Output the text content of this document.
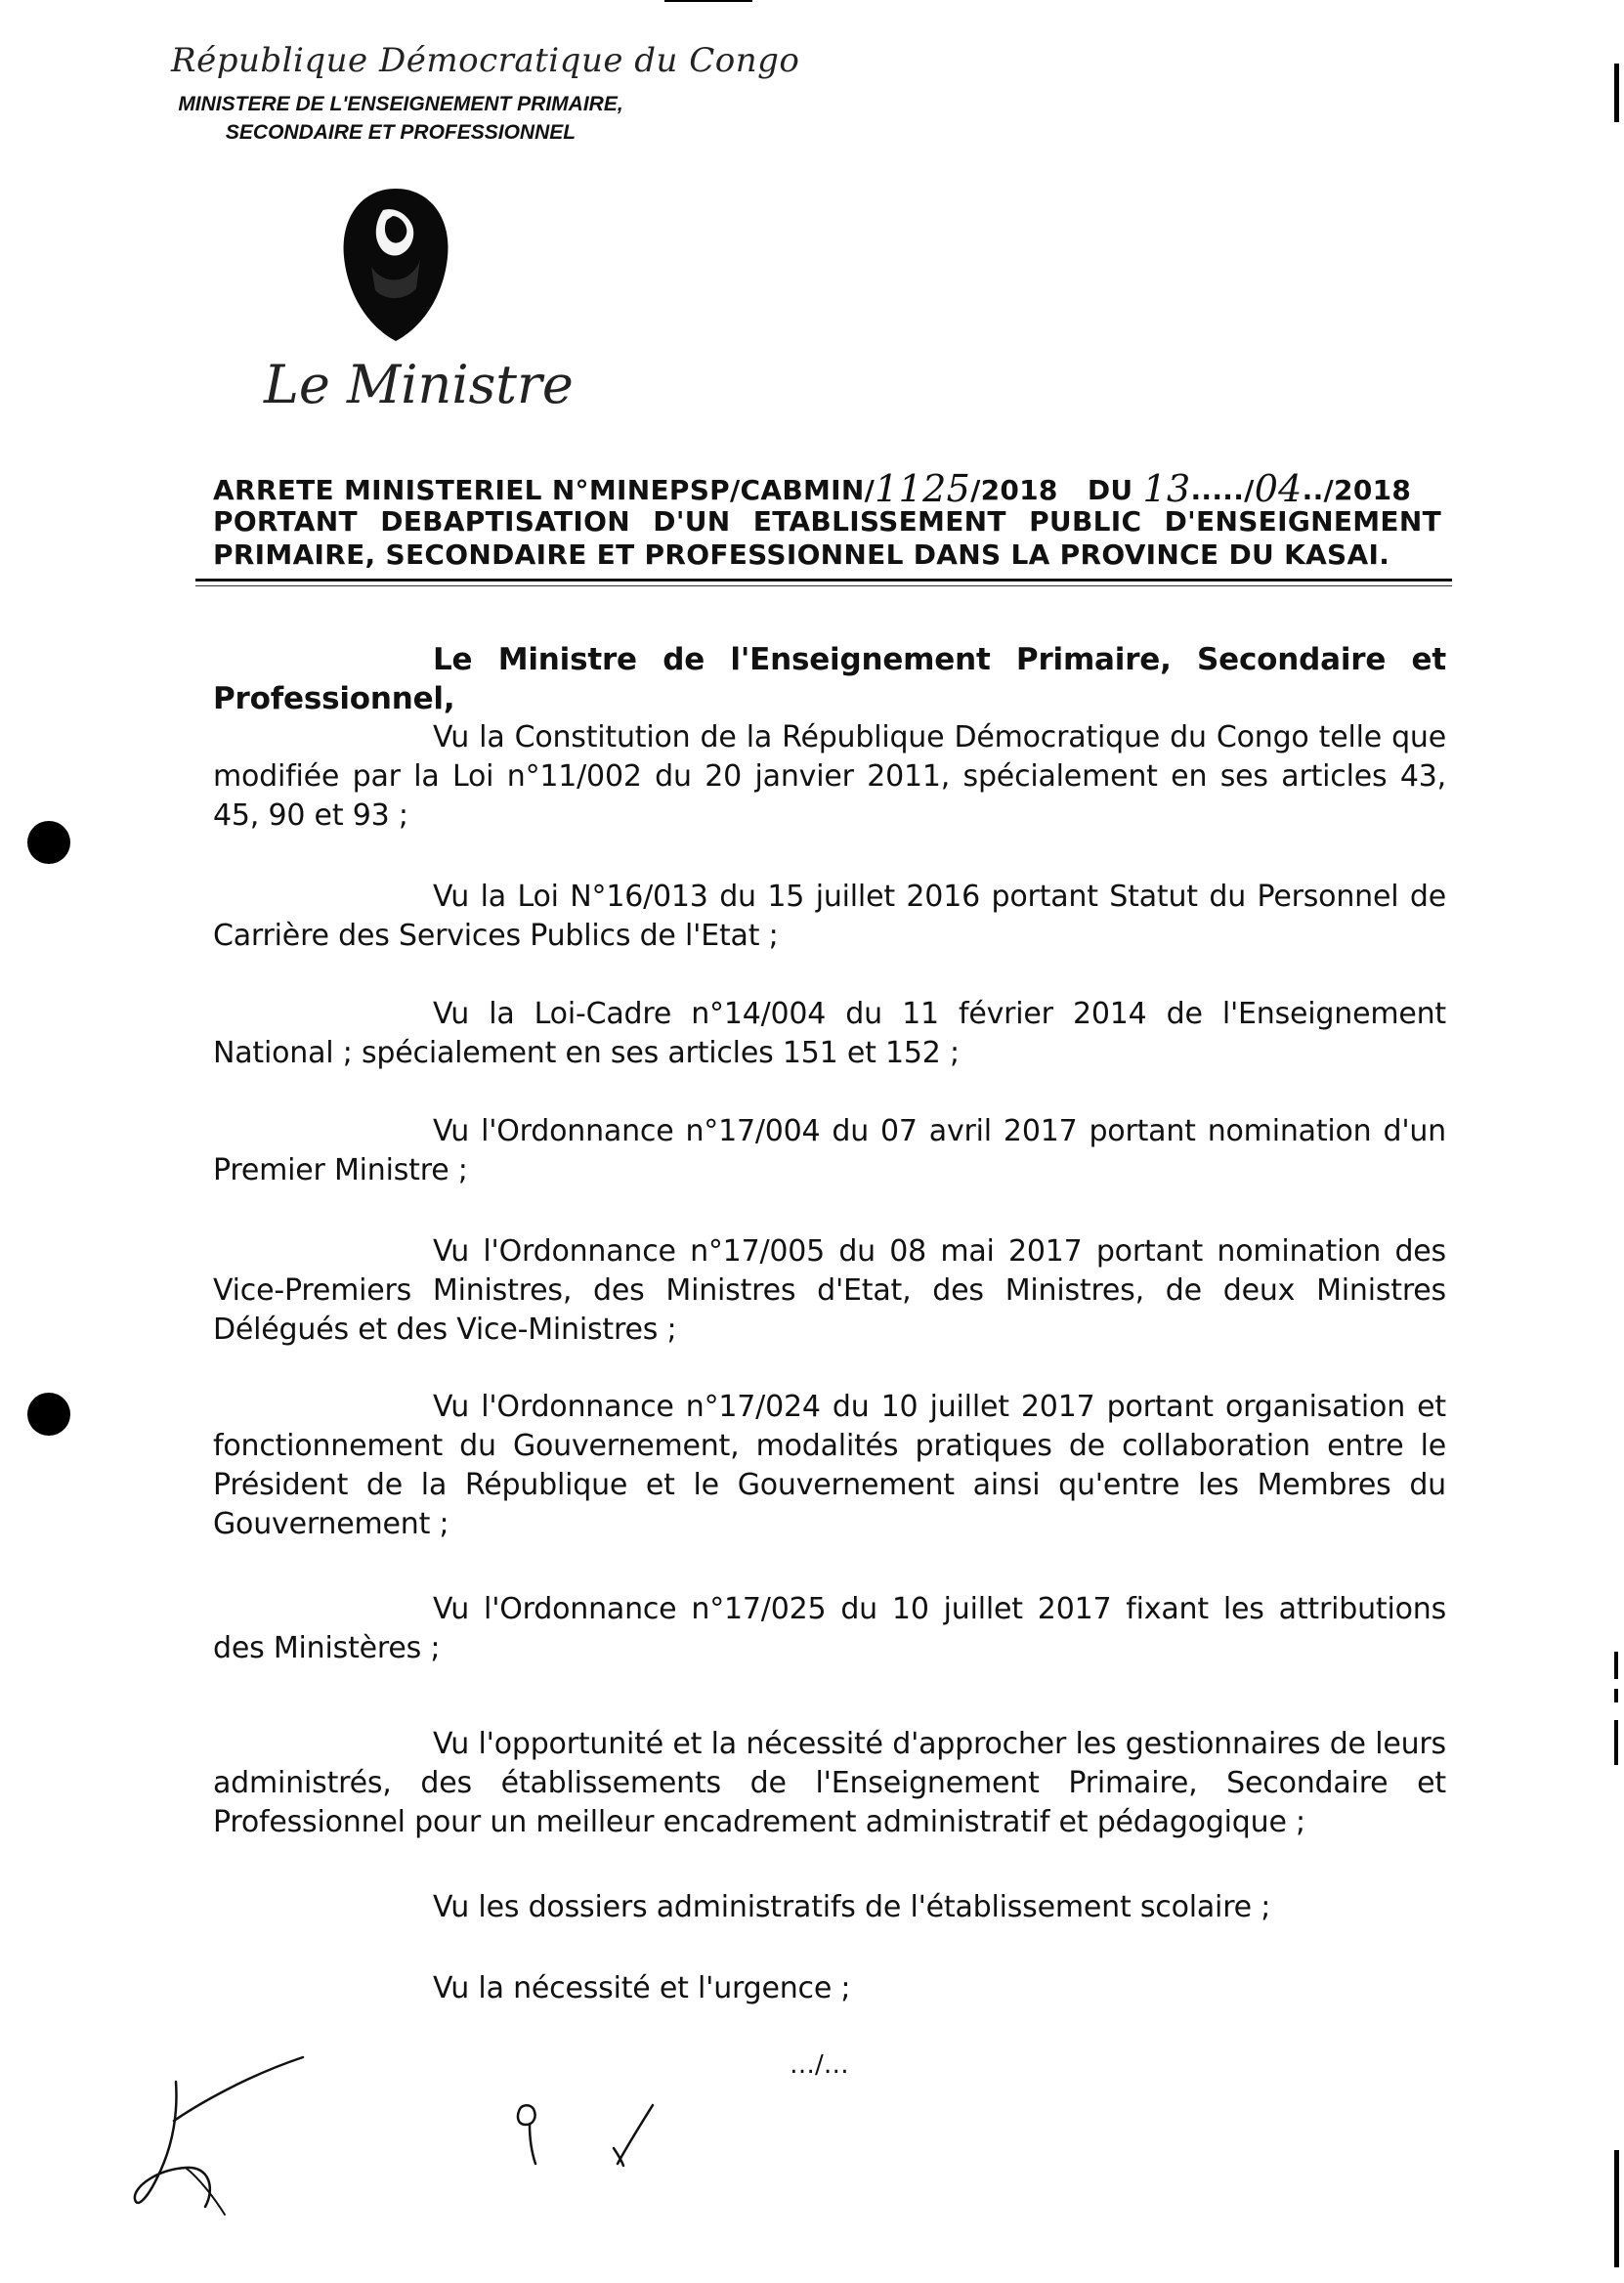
République Démocratique du Congo
MINISTERE DE L'ENSEIGNEMENT PRIMAIRE,
SECONDAIRE ET PROFESSIONNEL
Le Ministre
ARRETE MINISTERIEL N°MINEPSP/CABMIN/1125/2018   DU 13...../04../2018
PORTANT DEBAPTISATION D'UN ETABLISSEMENT PUBLIC D'ENSEIGNEMENT
PRIMAIRE, SECONDAIRE ET PROFESSIONNEL DANS LA PROVINCE DU KASAI.
Le Ministre de l'Enseignement Primaire, Secondaire et
Professionnel,
Vu la Constitution de la République Démocratique du Congo telle que modifiée par la Loi n°11/002 du 20 janvier 2011, spécialement en ses articles 43, 45, 90 et 93 ;
Vu la Loi N°16/013 du 15 juillet 2016 portant Statut du Personnel de Carrière des Services Publics de l'Etat ;
Vu la Loi-Cadre n°14/004 du 11 février 2014 de l'Enseignement National ; spécialement en ses articles 151 et 152 ;
Vu l'Ordonnance n°17/004 du 07 avril 2017 portant nomination d'un Premier Ministre ;
Vu l'Ordonnance n°17/005 du 08 mai 2017 portant nomination des Vice-Premiers Ministres, des Ministres d'Etat, des Ministres, de deux Ministres Délégués et des Vice-Ministres ;
Vu l'Ordonnance n°17/024 du 10 juillet 2017 portant organisation et fonctionnement du Gouvernement, modalités pratiques de collaboration entre le Président de la République et le Gouvernement ainsi qu'entre les Membres du Gouvernement ;
Vu l'Ordonnance n°17/025 du 10 juillet 2017 fixant les attributions des Ministères ;
Vu l'opportunité et la nécessité d'approcher les gestionnaires de leurs administrés, des établissements de l'Enseignement Primaire, Secondaire et Professionnel pour un meilleur encadrement administratif et pédagogique ;
Vu les dossiers administratifs de l'établissement scolaire ;
Vu la nécessité et l'urgence ;
…/…
